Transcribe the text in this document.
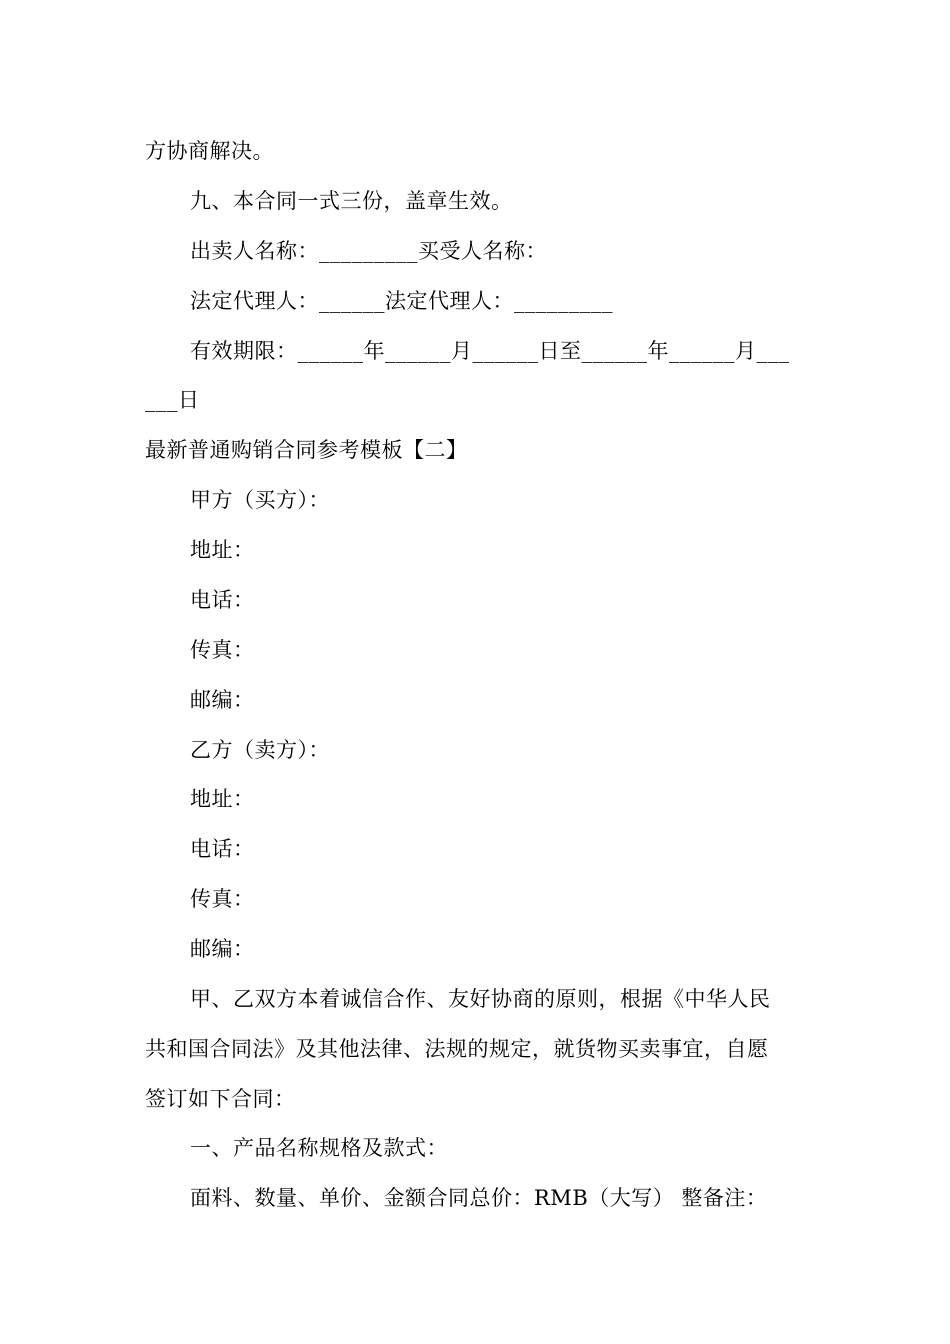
方协商解决。
九、本合同一式三份，盖章生效。
出卖人名称：_________买受人名称：
法定代理人：______法定代理人：_________
有效期限：______年______月______日至______年______月___
___日
最新普通购销合同参考模板【二】
甲方（买方）：
地址：
电话：
传真：
邮编：
乙方（卖方）：
地址：
电话：
传真：
邮编：
甲、乙双方本着诚信合作、友好协商的原则，根据《中华人民
共和国合同法》及其他法律、法规的规定，就货物买卖事宜，自愿
签订如下合同：
一、产品名称规格及款式：
面料、数量、单价、金额合同总价：RMB（大写） 整备注：
